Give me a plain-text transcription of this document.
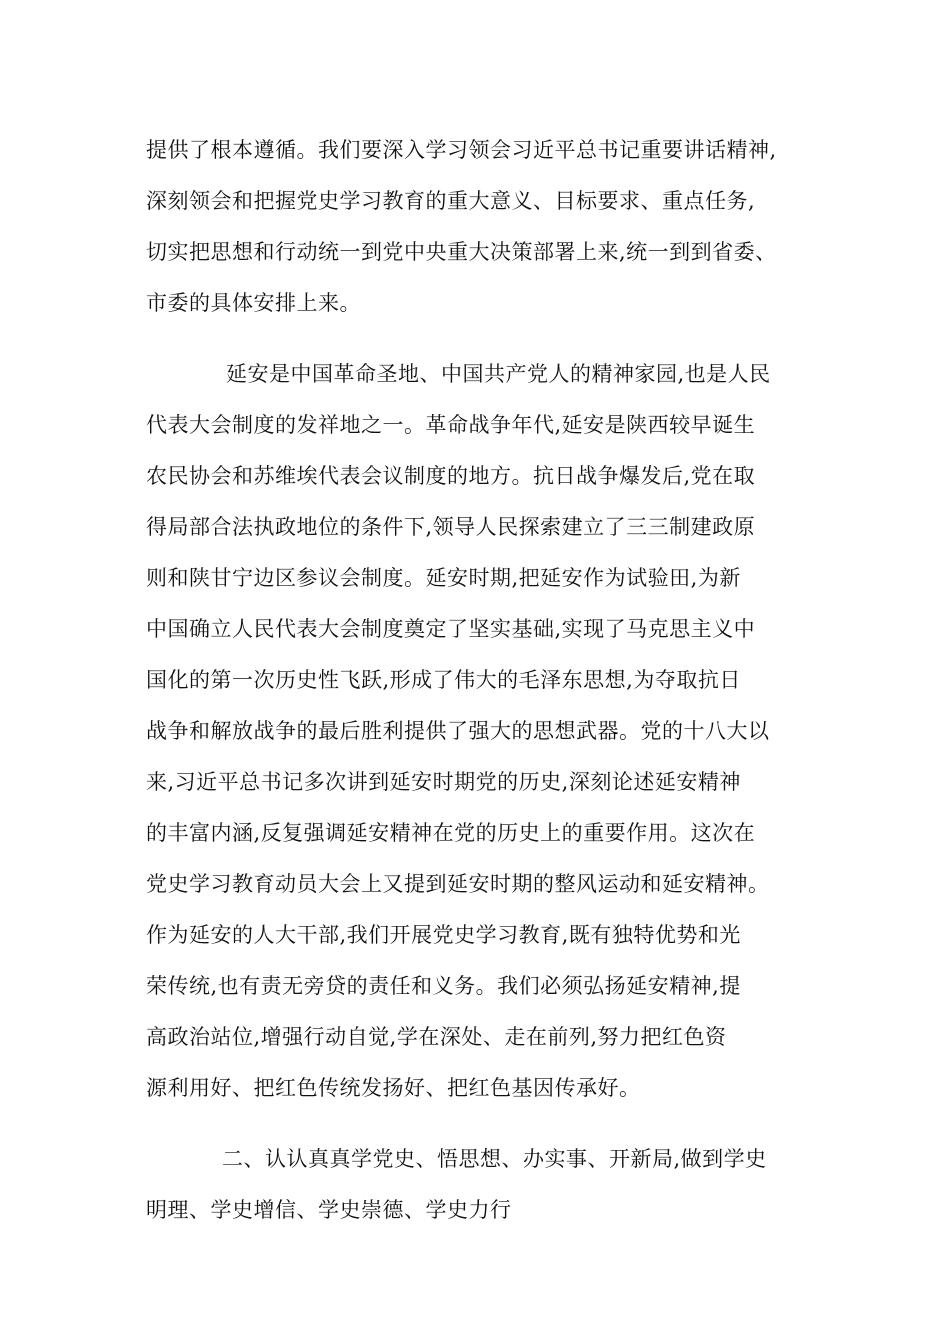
提供了根本遵循。我们要深入学习领会习近平总书记重要讲话精神,
深刻领会和把握党史学习教育的重大意义、目标要求、重点任务,
切实把思想和行动统一到党中央重大决策部署上来,统一到到省委、
市委的具体安排上来。
延安是中国革命圣地、中国共产党人的精神家园,也是人民
代表大会制度的发祥地之一。革命战争年代,延安是陕西较早诞生
农民协会和苏维埃代表会议制度的地方。抗日战争爆发后,党在取
得局部合法执政地位的条件下,领导人民探索建立了三三制建政原
则和陕甘宁边区参议会制度。延安时期,把延安作为试验田,为新
中国确立人民代表大会制度奠定了坚实基础,实现了马克思主义中
国化的第一次历史性飞跃,形成了伟大的毛泽东思想,为夺取抗日
战争和解放战争的最后胜利提供了强大的思想武器。党的十八大以
来,习近平总书记多次讲到延安时期党的历史,深刻论述延安精神
的丰富内涵,反复强调延安精神在党的历史上的重要作用。这次在
党史学习教育动员大会上又提到延安时期的整风运动和延安精神。
作为延安的人大干部,我们开展党史学习教育,既有独特优势和光
荣传统,也有责无旁贷的责任和义务。我们必须弘扬延安精神,提
高政治站位,增强行动自觉,学在深处、走在前列,努力把红色资
源利用好、把红色传统发扬好、把红色基因传承好。
二、认认真真学党史、悟思想、办实事、开新局,做到学史
明理、学史增信、学史崇德、学史力行
